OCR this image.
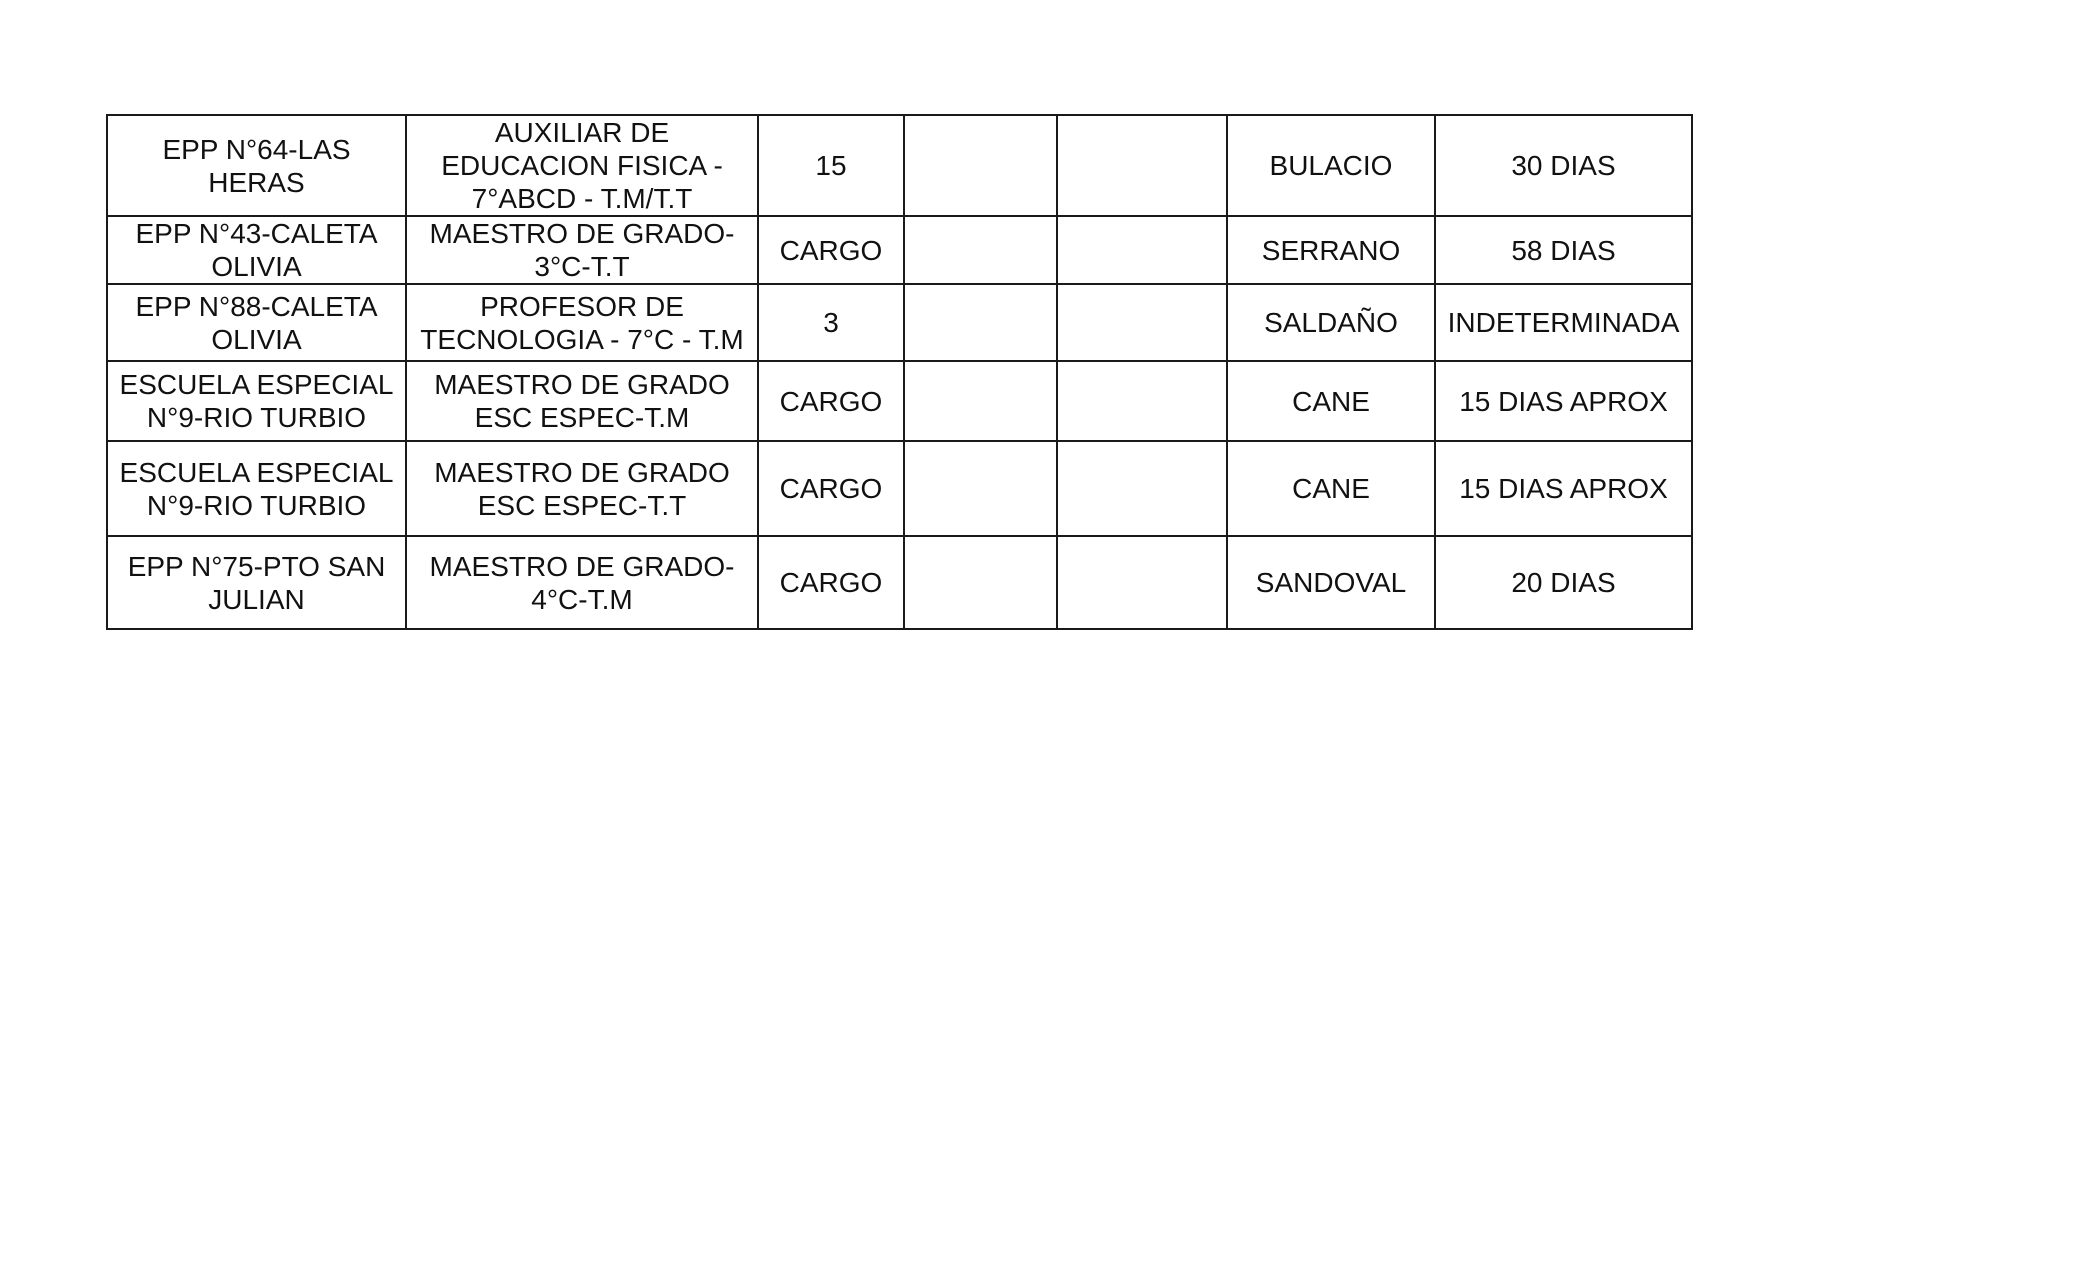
EPP N°64-LAS HERAS	AUXILIAR DE EDUCACION FISICA - 7°ABCD - T.M/T.T	15			BULACIO	30 DIAS
EPP N°43-CALETA OLIVIA	MAESTRO DE GRADO-3°C-T.T	CARGO			SERRANO	58 DIAS
EPP N°88-CALETA OLIVIA	PROFESOR DE TECNOLOGIA - 7°C - T.M	3			SALDAÑO	INDETERMINADA
ESCUELA ESPECIAL N°9-RIO TURBIO	MAESTRO DE GRADO ESC ESPEC-T.M	CARGO			CANE	15 DIAS APROX
ESCUELA ESPECIAL N°9-RIO TURBIO	MAESTRO DE GRADO ESC ESPEC-T.T	CARGO			CANE	15 DIAS APROX
EPP N°75-PTO SAN JULIAN	MAESTRO DE GRADO-4°C-T.M	CARGO			SANDOVAL	20 DIAS
